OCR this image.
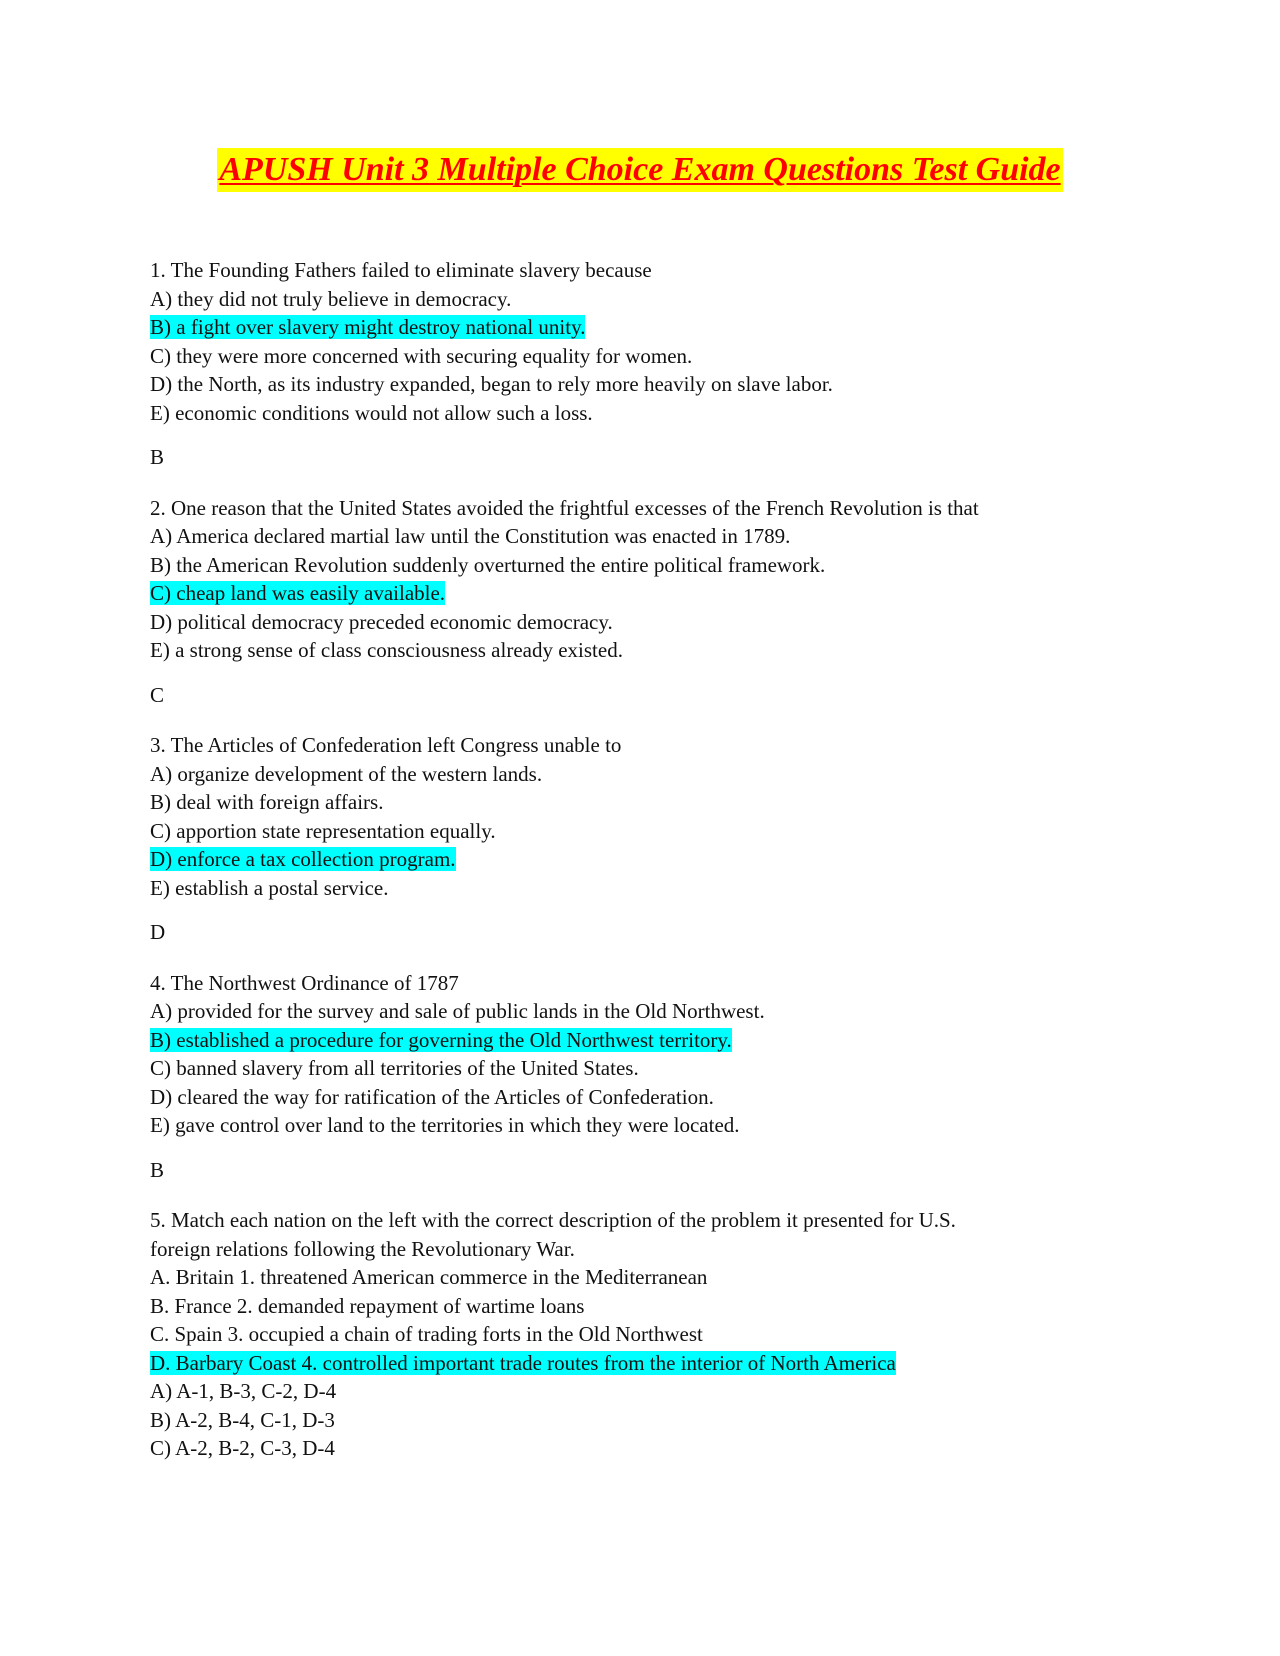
APUSH Unit 3 Multiple Choice Exam Questions Test Guide
1. The Founding Fathers failed to eliminate slavery because
A) they did not truly believe in democracy.
B) a fight over slavery might destroy national unity.
C) they were more concerned with securing equality for women.
D) the North, as its industry expanded, began to rely more heavily on slave labor.
E) economic conditions would not allow such a loss.
B
2. One reason that the United States avoided the frightful excesses of the French Revolution is that
A) America declared martial law until the Constitution was enacted in 1789.
B) the American Revolution suddenly overturned the entire political framework.
C) cheap land was easily available.
D) political democracy preceded economic democracy.
E) a strong sense of class consciousness already existed.
C
3. The Articles of Confederation left Congress unable to
A) organize development of the western lands.
B) deal with foreign affairs.
C) apportion state representation equally.
D) enforce a tax collection program.
E) establish a postal service.
D
4. The Northwest Ordinance of 1787
A) provided for the survey and sale of public lands in the Old Northwest.
B) established a procedure for governing the Old Northwest territory.
C) banned slavery from all territories of the United States.
D) cleared the way for ratification of the Articles of Confederation.
E) gave control over land to the territories in which they were located.
B
5. Match each nation on the left with the correct description of the problem it presented for U.S. foreign relations following the Revolutionary War.
A. Britain 1. threatened American commerce in the Mediterranean
B. France 2. demanded repayment of wartime loans
C. Spain 3. occupied a chain of trading forts in the Old Northwest
D. Barbary Coast 4. controlled important trade routes from the interior of North America
A) A-1, B-3, C-2, D-4
B) A-2, B-4, C-1, D-3
C) A-2, B-2, C-3, D-4
